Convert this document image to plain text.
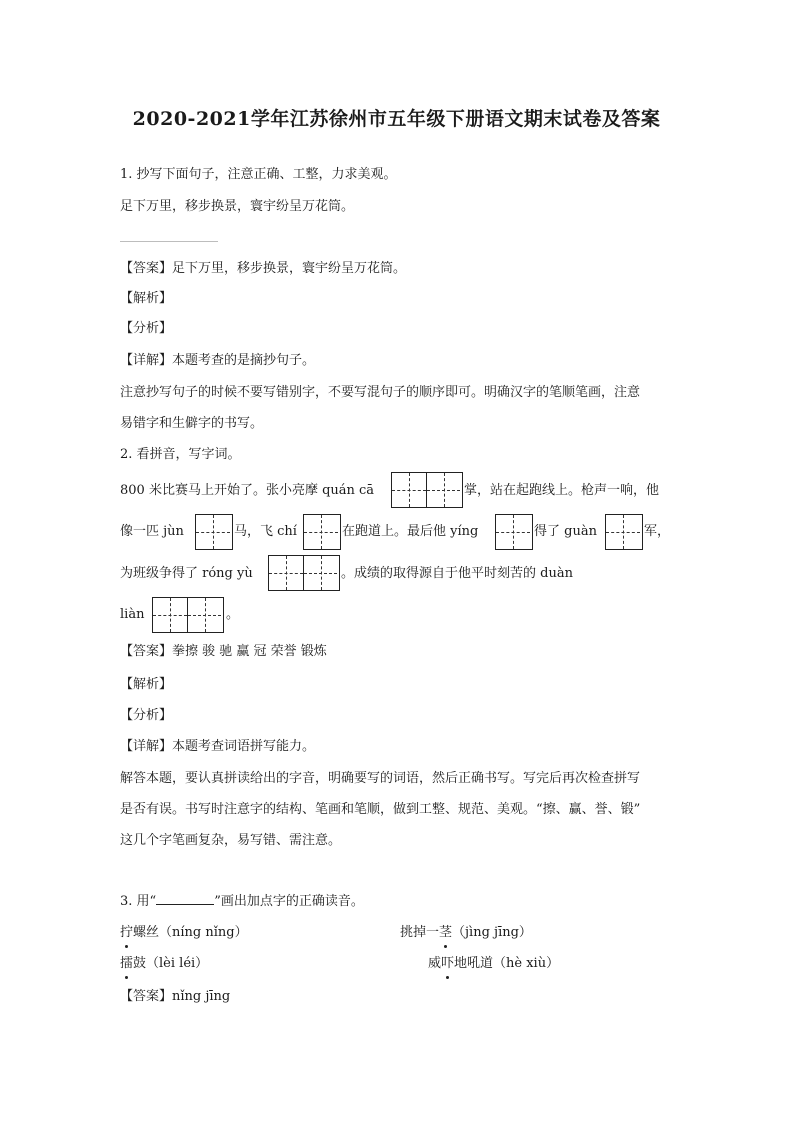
2020-2021学年江苏徐州市五年级下册语文期末试卷及答案
1. 抄写下面句子，注意正确、工整，力求美观。
足下万里，移步换景，寰宇纷呈万花筒。
【答案】足下万里，移步换景，寰宇纷呈万花筒。
【解析】
【分析】
【详解】本题考查的是摘抄句子。
注意抄写句子的时候不要写错别字，不要写混句子的顺序即可。明确汉字的笔顺笔画，注意
易错字和生僻字的书写。
2. 看拼音，写字词。
800 米比赛马上开始了。张小亮摩 quán cā	掌，站在起跑线上。枪声一响，他
像一匹 jùn	马，飞 chí	在跑道上。最后他 yíng	得了 guàn	军，
为班级争得了 róng yù	。成绩的取得源自于他平时刻苦的 duàn
liàn	。
【答案】拳擦 骏 驰 赢 冠 荣誉 锻炼
【解析】
【分析】
【详解】本题考查词语拼写能力。
解答本题，要认真拼读给出的字音，明确要写的词语，然后正确书写。写完后再次检查拼写
是否有误。书写时注意字的结构、笔画和笔顺，做到工整、规范、美观。“擦、赢、誉、锻”
这几个字笔画复杂，易写错、需注意。
3. 用“	”画出加点字的正确读音。
拧螺丝（níng nǐng）	挑掉一茎（jìng jīng）
擂鼓（lèi léi）	威吓地吼道（hè xiù）
【答案】nǐng jīng
